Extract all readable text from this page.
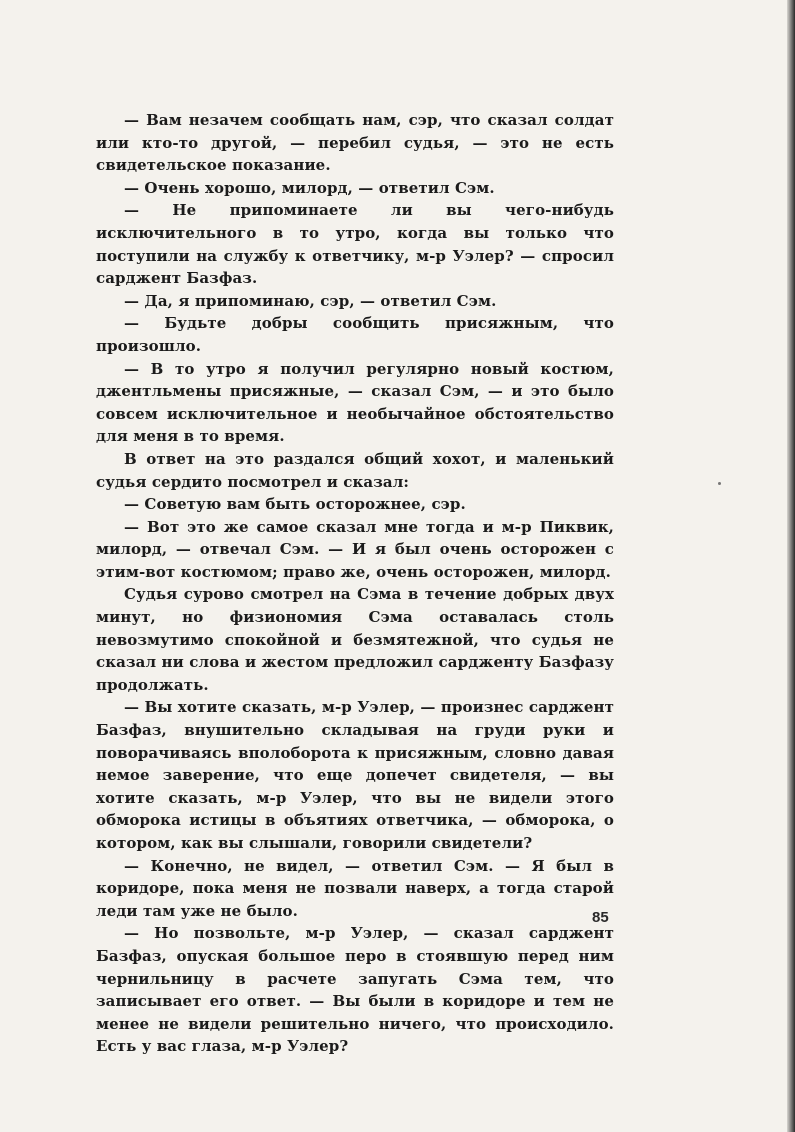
— Вам незачем сообщать нам, сэр, что сказал солдат или кто-то другой, — перебил судья, — это не есть свидетельское показание.

— Очень хорошо, милорд, — ответил Сэм.

— Не припоминаете ли вы чего-нибудь исключительного в то утро, когда вы только что поступили на службу к ответчику, м-р Уэлер? — спросил сарджент Базфаз.

— Да, я припоминаю, сэр, — ответил Сэм.

— Будьте добры сообщить присяжным, что произошло.

— В то утро я получил регулярно новый костюм, джентльмены присяжные, — сказал Сэм, — и это было совсем исключительное и необычайное обстоятельство для меня в то время.

В ответ на это раздался общий хохот, и маленький судья сердито посмотрел и сказал:

— Советую вам быть осторожнее, сэр.

— Вот это же самое сказал мне тогда и м-р Пиквик, милорд, — отвечал Сэм. — И я был очень осторожен с этим-вот костюмом; право же, очень осторожен, милорд.

Судья сурово смотрел на Сэма в течение добрых двух минут, но физиономия Сэма оставалась столь невозмутимо спокойной и безмятежной, что судья не сказал ни слова и жестом предложил сардженту Базфазу продолжать.

— Вы хотите сказать, м-р Уэлер, — произнес сарджент Базфаз, внушительно складывая на груди руки и поворачиваясь вполоборота к присяжным, словно давая немое заверение, что еще допечет свидетеля, — вы хотите сказать, м-р Уэлер, что вы не видели этого обморока истицы в объятиях ответчика, — обморока, о котором, как вы слышали, говорили свидетели?

— Конечно, не видел, — ответил Сэм. — Я был в коридоре, пока меня не позвали наверх, а тогда старой леди там уже не было.

— Но позвольте, м-р Уэлер, — сказал сарджент Базфаз, опуская большое перо в стоявшую перед ним чернильницу в расчете запугать Сэма тем, что записывает его ответ. — Вы были в коридоре и тем не менее не видели решительно ничего, что происходило. Есть у вас глаза, м-р Уэлер?

85
